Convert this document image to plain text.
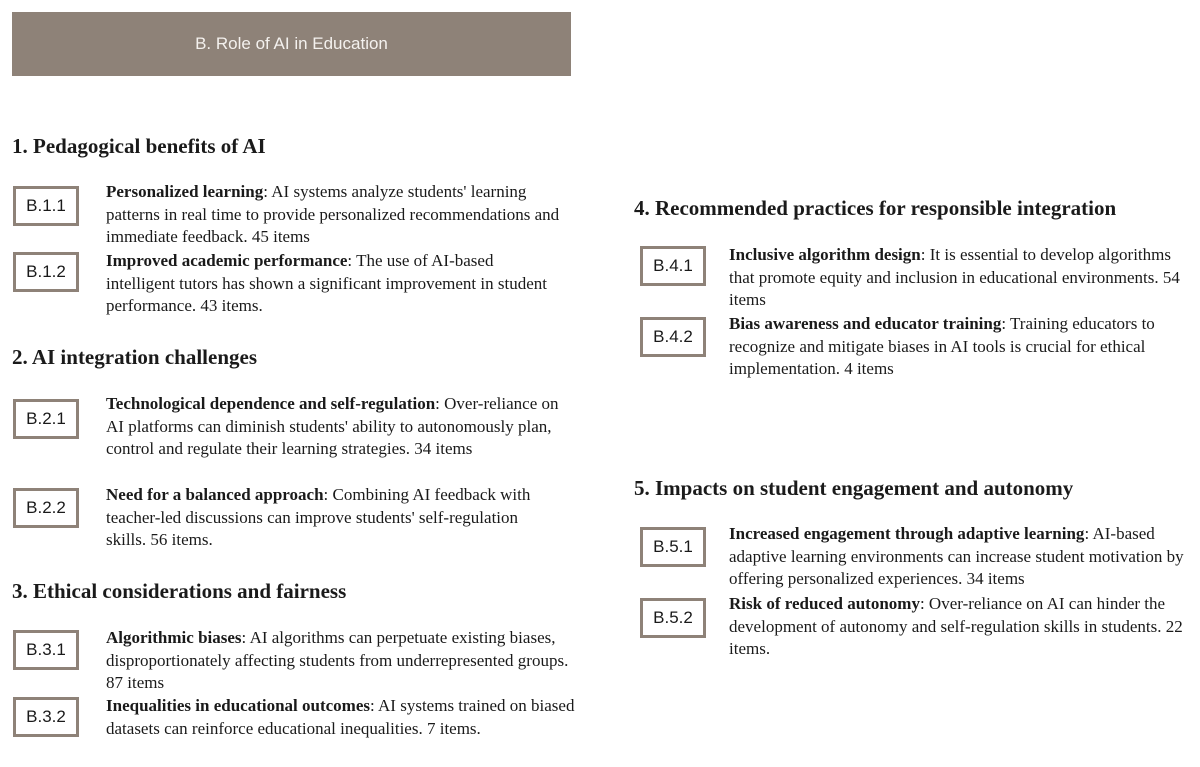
B. Role of AI in Education
1. Pedagogical benefits of AI
B.1.1

Personalized learning: AI systems analyze students' learning patterns in real time to provide personalized recommendations and immediate feedback. 45 items

B.1.2

Improved academic performance: The use of AI-based intelligent tutors has shown a significant improvement in student performance. 43 items.

2. AI integration challenges
B.2.1

Technological dependence and self-regulation: Over-reliance on AI platforms can diminish students' ability to autonomously plan, control and regulate their learning strategies. 34 items

B.2.2

Need for a balanced approach: Combining AI feedback with teacher-led discussions can improve students' self-regulation skills. 56 items.

3. Ethical considerations and fairness
B.3.1

Algorithmic biases: AI algorithms can perpetuate existing biases, disproportionately affecting students from underrepresented groups. 87 items

B.3.2

Inequalities in educational outcomes: AI systems trained on biased datasets can reinforce educational inequalities. 7 items.

4. Recommended practices for responsible integration
B.4.1

Inclusive algorithm design: It is essential to develop algorithms that promote equity and inclusion in educational environments. 54 items

B.4.2

Bias awareness and educator training: Training educators to recognize and mitigate biases in AI tools is crucial for ethical implementation. 4 items

5. Impacts on student engagement and autonomy
B.5.1

Increased engagement through adaptive learning: AI-based adaptive learning environments can increase student motivation by offering personalized experiences. 34 items

B.5.2

Risk of reduced autonomy: Over-reliance on AI can hinder the development of autonomy and self-regulation skills in students. 22 items.
